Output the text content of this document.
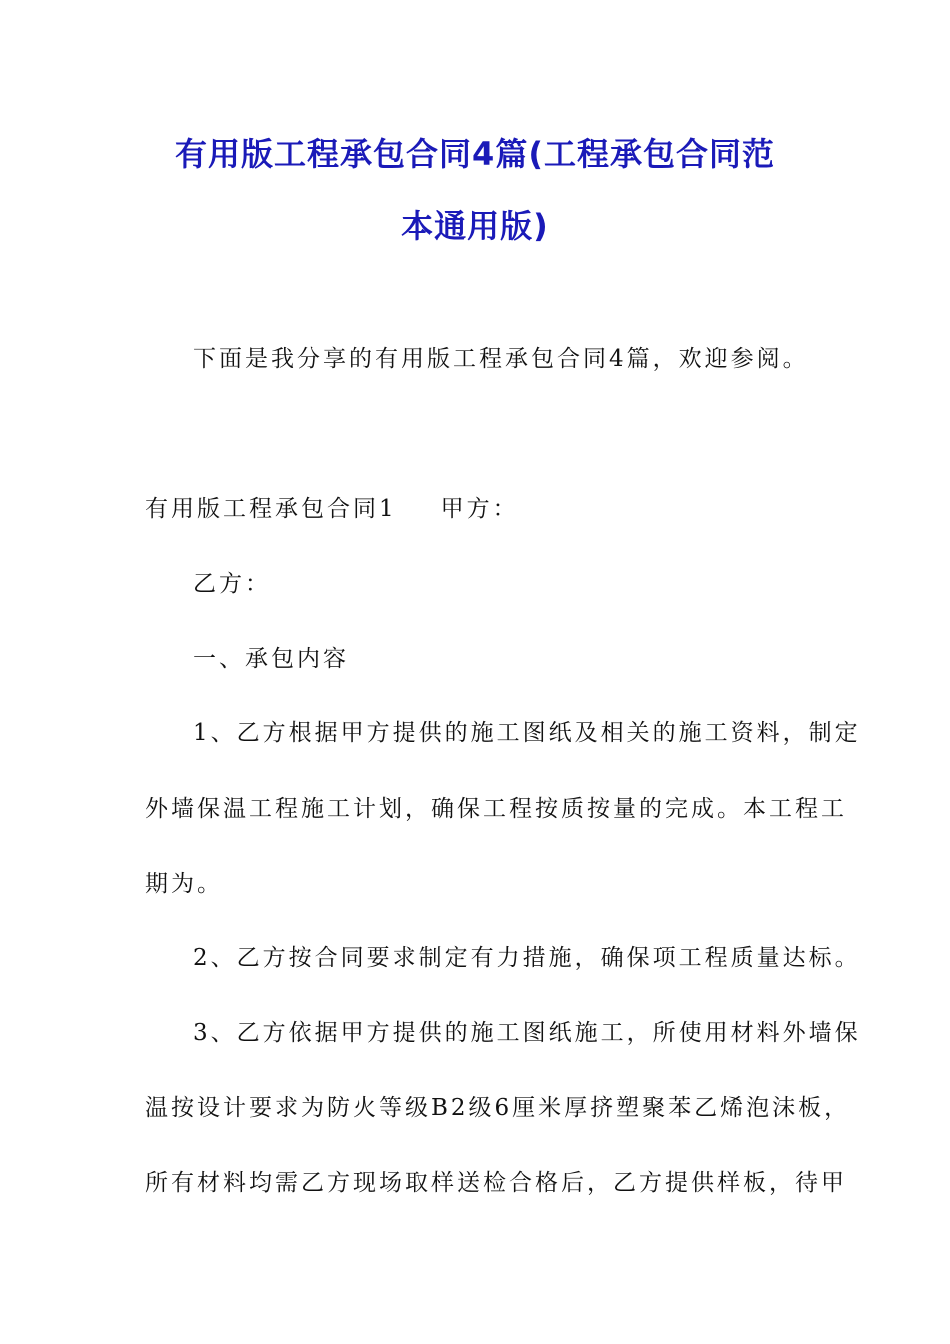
有用版工程承包合同4篇(工程承包合同范
本通用版)
下面是我分享的有用版工程承包合同4篇，欢迎参阅。
有用版工程承包合同1 甲方：
乙方：
一、承包内容
1、乙方根据甲方提供的施工图纸及相关的施工资料，制定
外墙保温工程施工计划，确保工程按质按量的完成。本工程工
期为。
2、乙方按合同要求制定有力措施，确保项工程质量达标。
3、乙方依据甲方提供的施工图纸施工，所使用材料外墙保
温按设计要求为防火等级B2级6厘米厚挤塑聚苯乙烯泡沫板，
所有材料均需乙方现场取样送检合格后，乙方提供样板，待甲
